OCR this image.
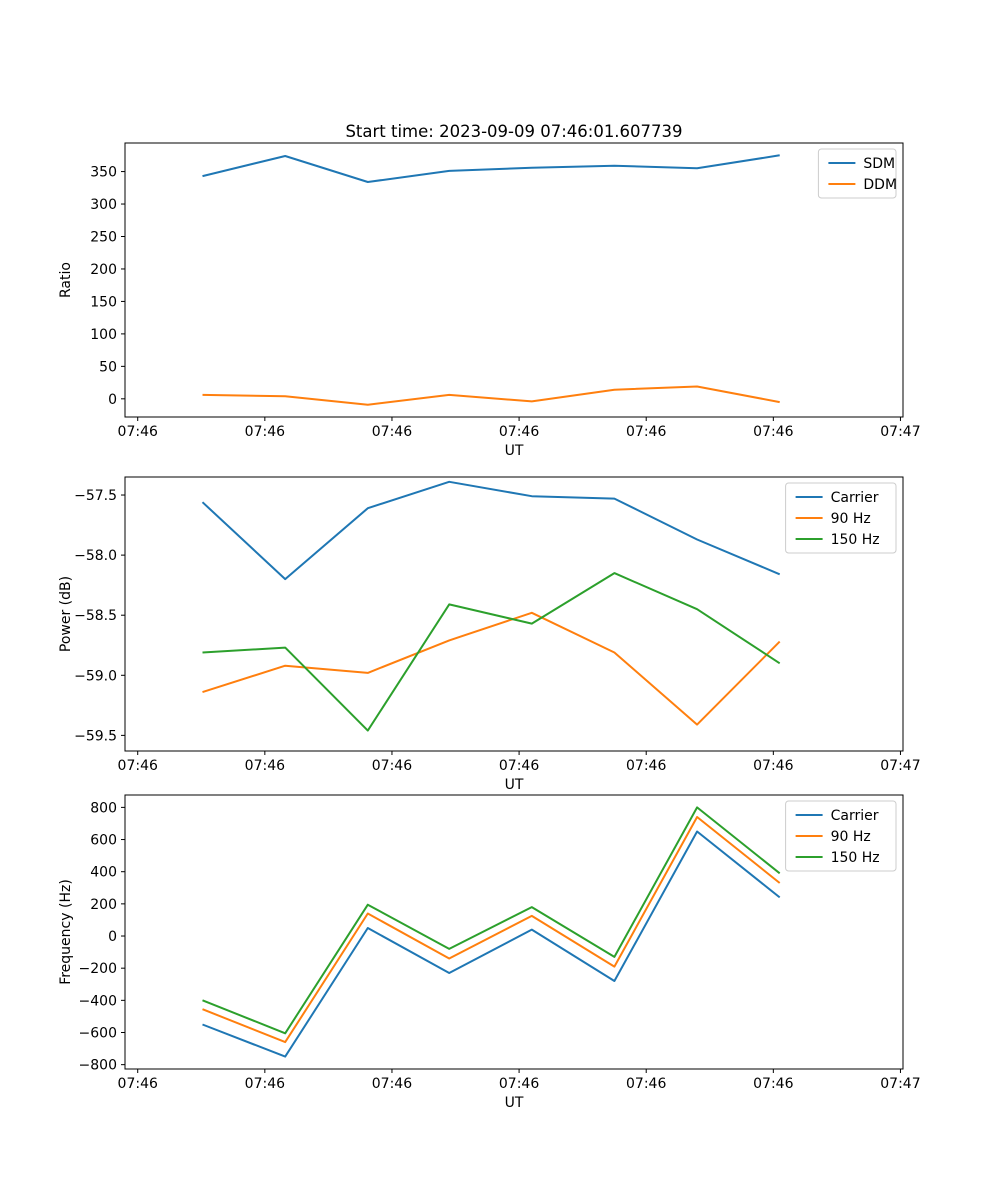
Start time: 2023-09-09 07:46:01.607739
07:46	07:46	07:46	07:46	07:46	07:46	07:47
0
50
100
150
200
250
300
350
UT
Ratio
SDM
DDM
07:46	07:46	07:46	07:46	07:46	07:46	07:47
−57.5
−58.0
−58.5
−59.0
−59.5
UT
Power (dB)
Carrier
90 Hz
150 Hz
07:46	07:46	07:46	07:46	07:46	07:46	07:47
−800
−600
−400
−200
0
200
400
600
800
UT
Frequency (Hz)
Carrier
90 Hz
150 Hz
